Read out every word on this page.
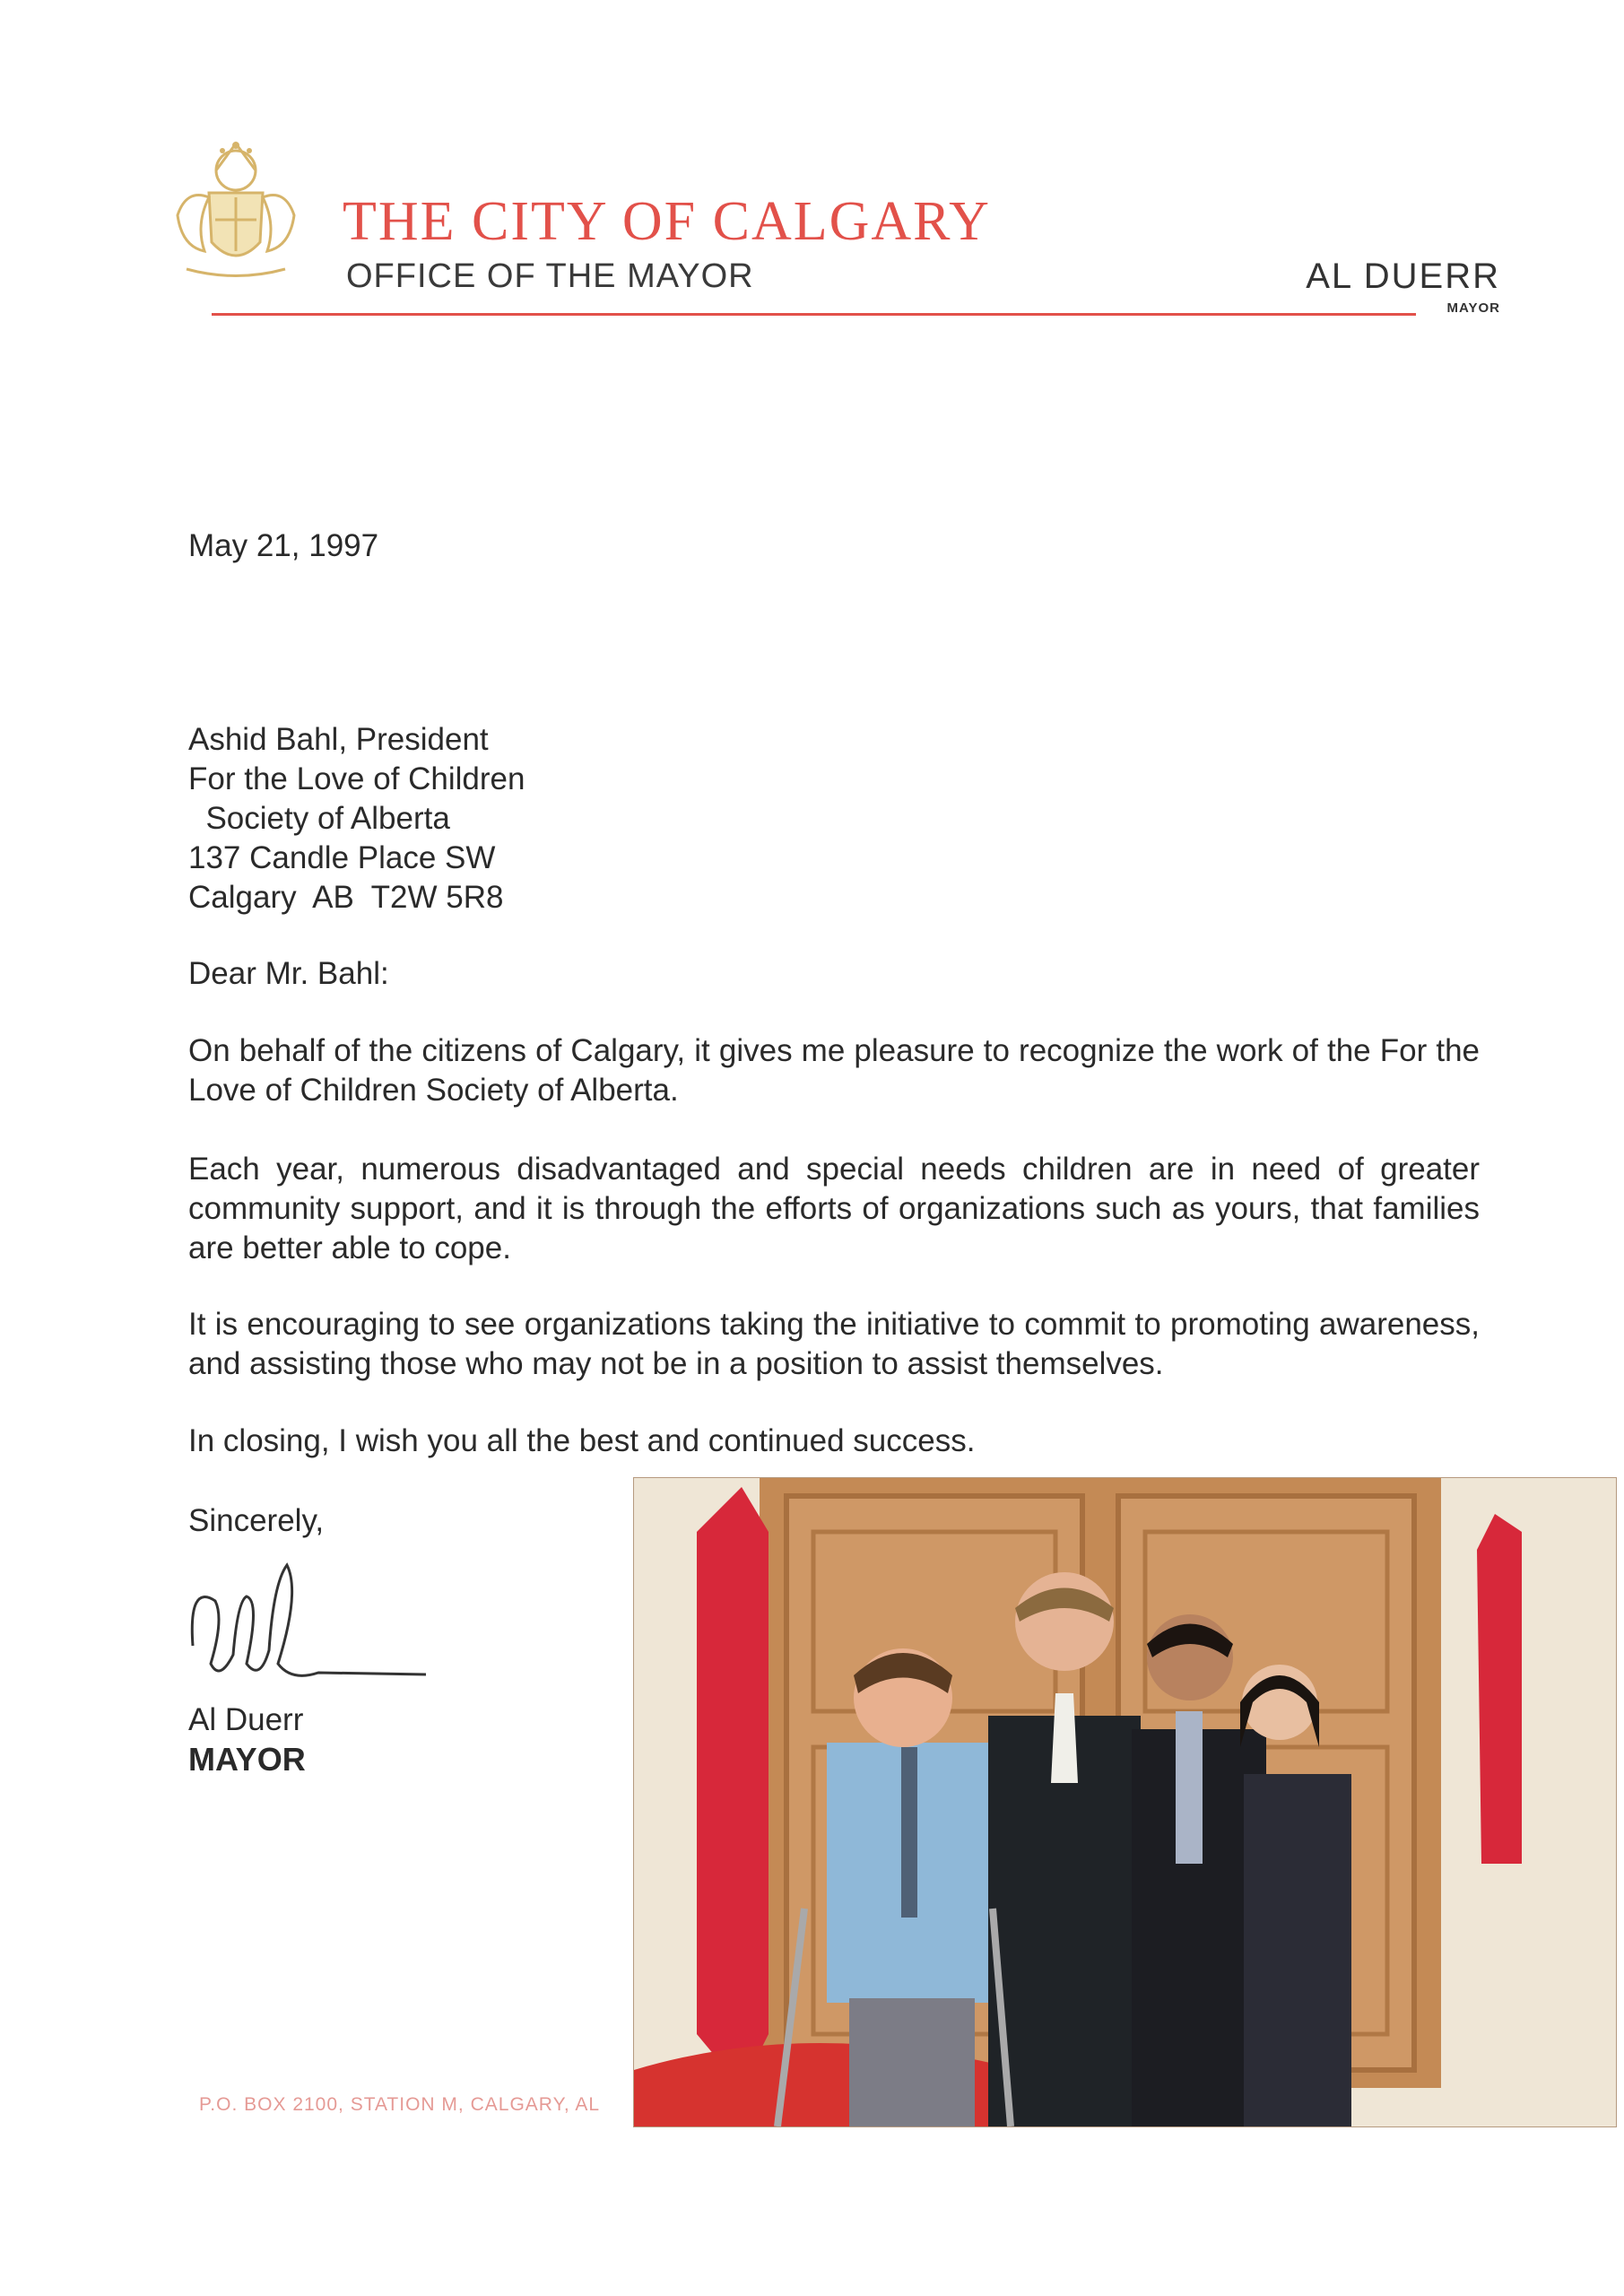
THE CITY OF CALGARY
OFFICE OF THE MAYOR	AL DUERR
MAYOR
May 21, 1997
Ashid Bahl, President
For the Love of Children
Society of Alberta
137 Candle Place SW
Calgary  AB  T2W 5R8
Dear Mr. Bahl:
On behalf of the citizens of Calgary, it gives me pleasure to recognize the work of the For the Love of Children Society of Alberta.
Each year, numerous disadvantaged and special needs children are in need of greater community support, and it is through the efforts of organizations such as yours, that families are better able to cope.
It is encouraging to see organizations taking the initiative to commit to promoting awareness, and assisting those who may not be in a position to assist themselves.
In closing, I wish you all the best and continued success.
Sincerely,
Al Duerr
MAYOR
P.O. BOX 2100, STATION M, CALGARY, AL
